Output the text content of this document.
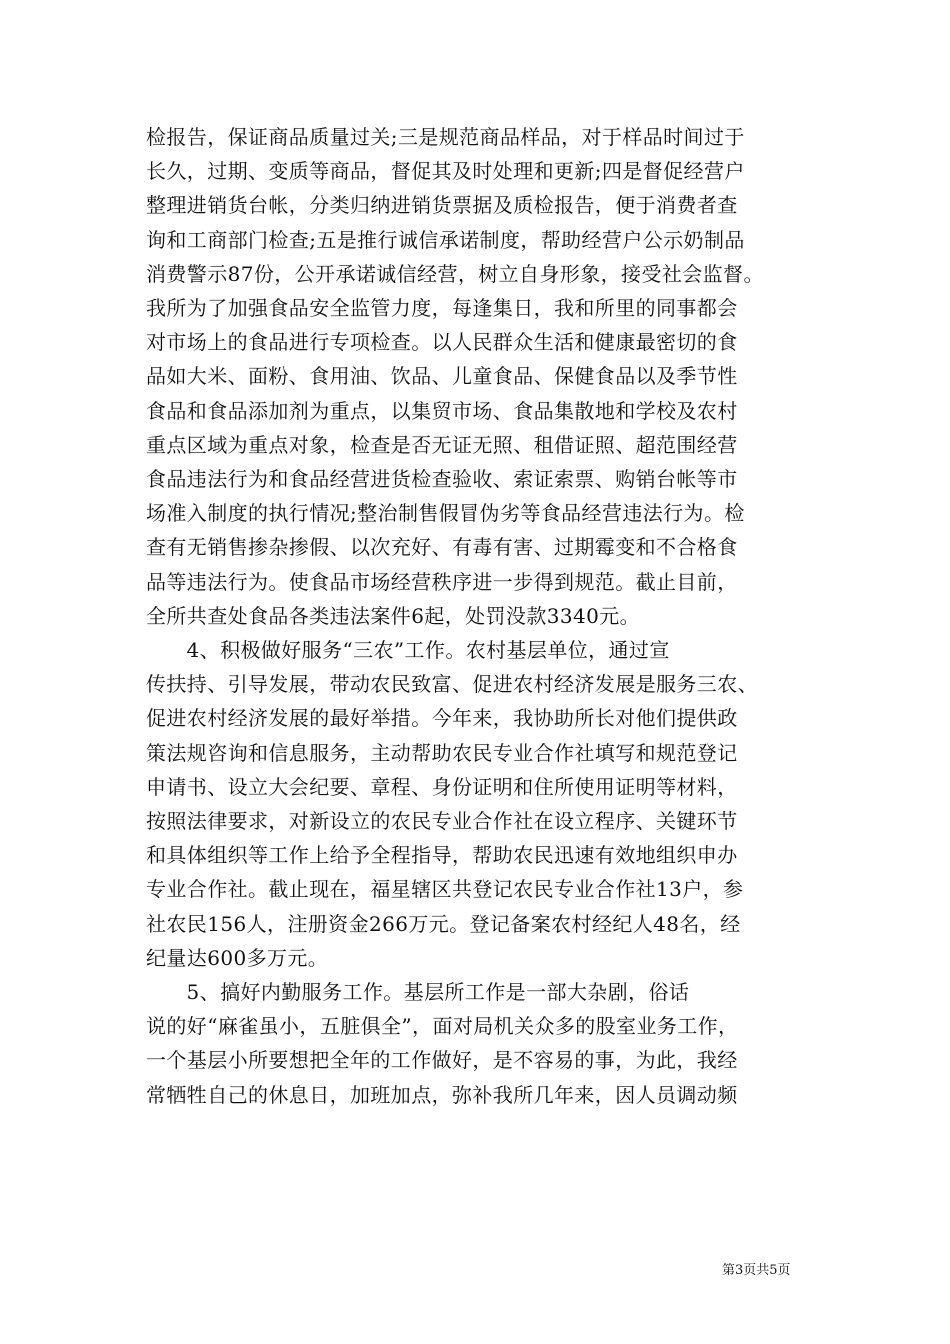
检报告，保证商品质量过关;三是规范商品样品，对于样品时间过于
长久，过期、变质等商品，督促其及时处理和更新;四是督促经营户
整理进销货台帐，分类归纳进销货票据及质检报告，便于消费者查
询和工商部门检查;五是推行诚信承诺制度，帮助经营户公示奶制品
消费警示87份，公开承诺诚信经营，树立自身形象，接受社会监督。
我所为了加强食品安全监管力度，每逢集日，我和所里的同事都会
对市场上的食品进行专项检查。以人民群众生活和健康最密切的食
品如大米、面粉、食用油、饮品、儿童食品、保健食品以及季节性
食品和食品添加剂为重点，以集贸市场、食品集散地和学校及农村
重点区域为重点对象，检查是否无证无照、租借证照、超范围经营
食品违法行为和食品经营进货检查验收、索证索票、购销台帐等市
场准入制度的执行情况;整治制售假冒伪劣等食品经营违法行为。检
查有无销售掺杂掺假、以次充好、有毒有害、过期霉变和不合格食
品等违法行为。使食品市场经营秩序进一步得到规范。截止目前，
全所共查处食品各类违法案件6起，处罚没款3340元。
4、积极做好服务“三农”工作。农村基层单位，通过宣
传扶持、引导发展，带动农民致富、促进农村经济发展是服务三农、
促进农村经济发展的最好举措。今年来，我协助所长对他们提供政
策法规咨询和信息服务，主动帮助农民专业合作社填写和规范登记
申请书、设立大会纪要、章程、身份证明和住所使用证明等材料，
按照法律要求，对新设立的农民专业合作社在设立程序、关键环节
和具体组织等工作上给予全程指导，帮助农民迅速有效地组织申办
专业合作社。截止现在，福星辖区共登记农民专业合作社13户，参
社农民156人，注册资金266万元。登记备案农村经纪人48名，经
纪量达600多万元。
5、搞好内勤服务工作。基层所工作是一部大杂剧，俗话
说的好“麻雀虽小，五脏俱全”，面对局机关众多的股室业务工作，
一个基层小所要想把全年的工作做好，是不容易的事，为此，我经
常牺牲自己的休息日，加班加点，弥补我所几年来，因人员调动频
第3页共5页
